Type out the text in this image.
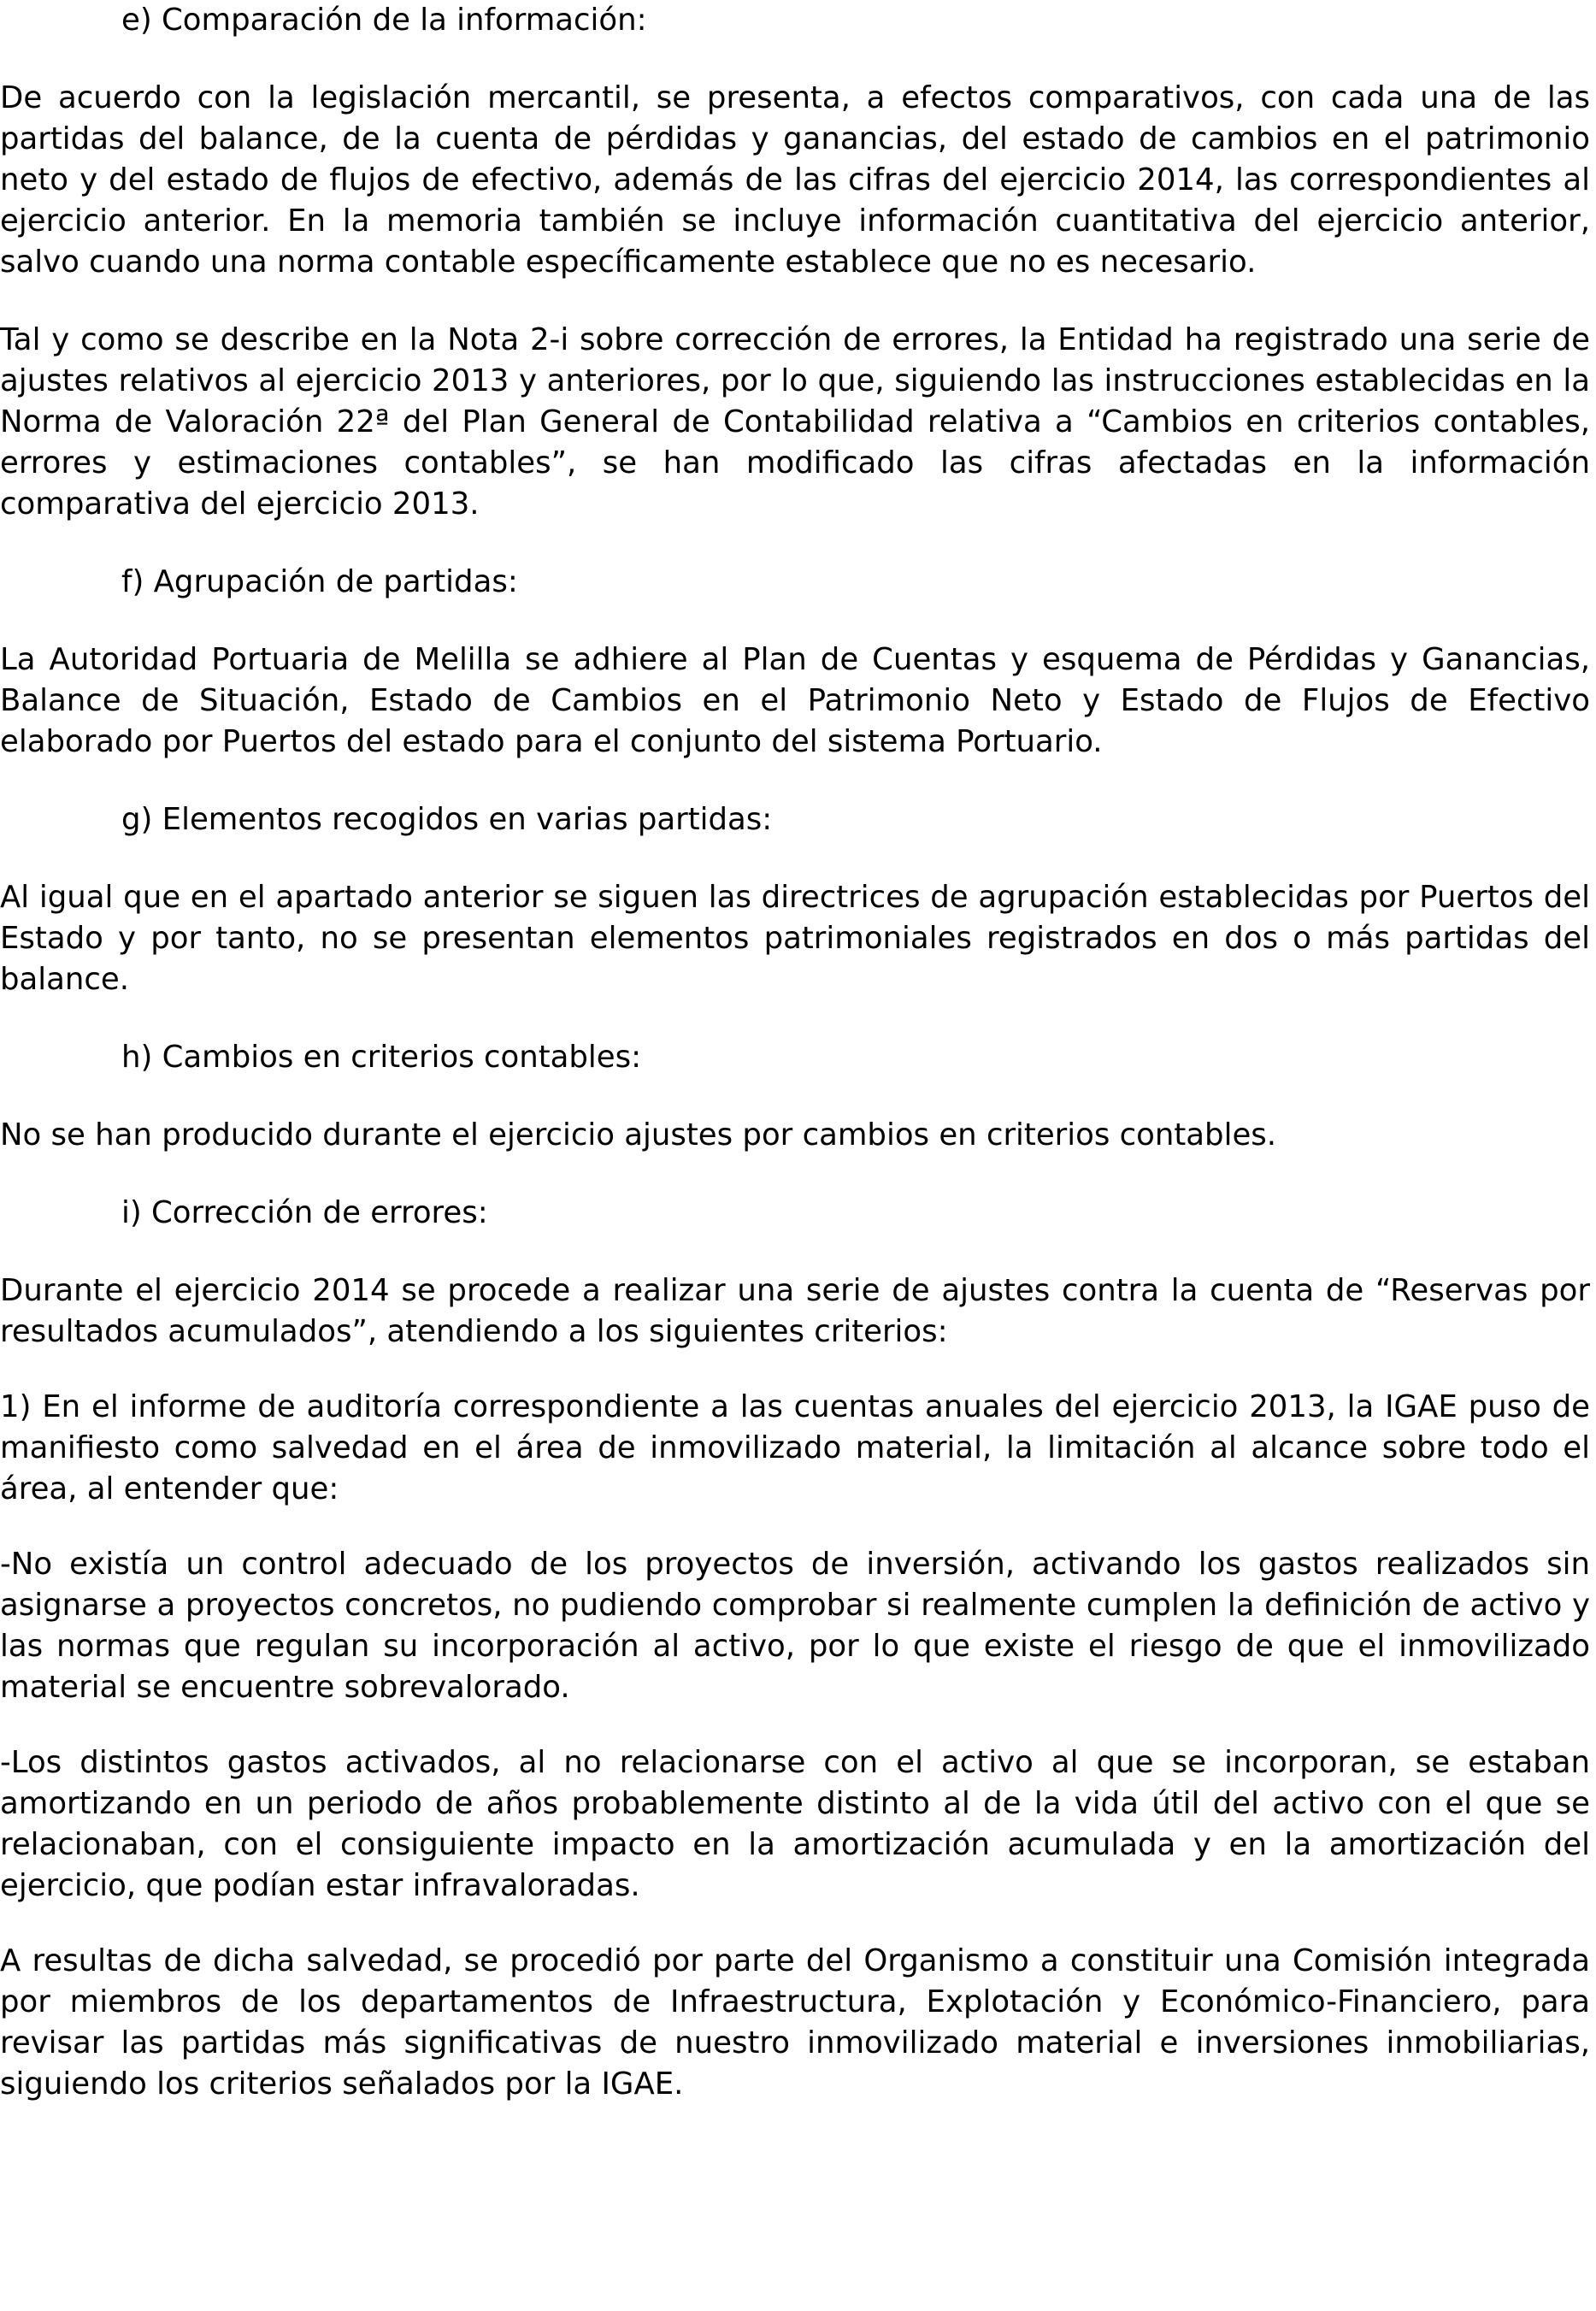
e) Comparación de la información:
De acuerdo con la legislación mercantil, se presenta, a efectos comparativos, con cada una de las partidas del balance, de la cuenta de pérdidas y ganancias, del estado de cambios en el patrimonio neto y del estado de flujos de efectivo, además de las cifras del ejercicio 2014, las correspondientes al ejercicio anterior. En la memoria también se incluye información cuantitativa del ejercicio anterior, salvo cuando una norma contable específicamente establece que no es necesario.
Tal y como se describe en la Nota 2-i sobre corrección de errores, la Entidad ha registrado una serie de ajustes relativos al ejercicio 2013 y anteriores, por lo que, siguiendo las instrucciones establecidas en la Norma de Valoración 22ª del Plan General de Contabilidad relativa a “Cambios en criterios contables, errores y estimaciones contables”, se han modificado las cifras afectadas en la información comparativa del ejercicio 2013.
f) Agrupación de partidas:
La Autoridad Portuaria de Melilla se adhiere al Plan de Cuentas y esquema de Pérdidas y Ganancias, Balance de Situación, Estado de Cambios en el Patrimonio Neto y Estado de Flujos de Efectivo elaborado por Puertos del estado para el conjunto del sistema Portuario.
g) Elementos recogidos en varias partidas:
Al igual que en el apartado anterior se siguen las directrices de agrupación establecidas por Puertos del Estado y por tanto, no se presentan elementos patrimoniales registrados en dos o más partidas del balance.
h) Cambios en criterios contables:
No se han producido durante el ejercicio ajustes por cambios en criterios contables.
i) Corrección de errores:
Durante el ejercicio 2014 se procede a realizar una serie de ajustes contra la cuenta de “Reservas por resultados acumulados”, atendiendo a los siguientes criterios:
1) En el informe de auditoría correspondiente a las cuentas anuales del ejercicio 2013, la IGAE puso de manifiesto como salvedad en el área de inmovilizado material, la limitación al alcance sobre todo el área, al entender que:
-No existía un control adecuado de los proyectos de inversión, activando los gastos realizados sin asignarse a proyectos concretos, no pudiendo comprobar si realmente cumplen la definición de activo y las normas que regulan su incorporación al activo, por lo que existe el riesgo de que el inmovilizado material se encuentre sobrevalorado.
-Los distintos gastos activados, al no relacionarse con el activo al que se incorporan, se estaban amortizando en un periodo de años probablemente distinto al de la vida útil del activo con el que se relacionaban, con el consiguiente impacto en la amortización acumulada y en la amortización del ejercicio, que podían estar infravaloradas.
A resultas de dicha salvedad, se procedió por parte del Organismo a constituir una Comisión integrada por miembros de los departamentos de Infraestructura, Explotación y Económico-Financiero, para revisar las partidas más significativas de nuestro inmovilizado material e inversiones inmobiliarias, siguiendo los criterios señalados por la IGAE.
